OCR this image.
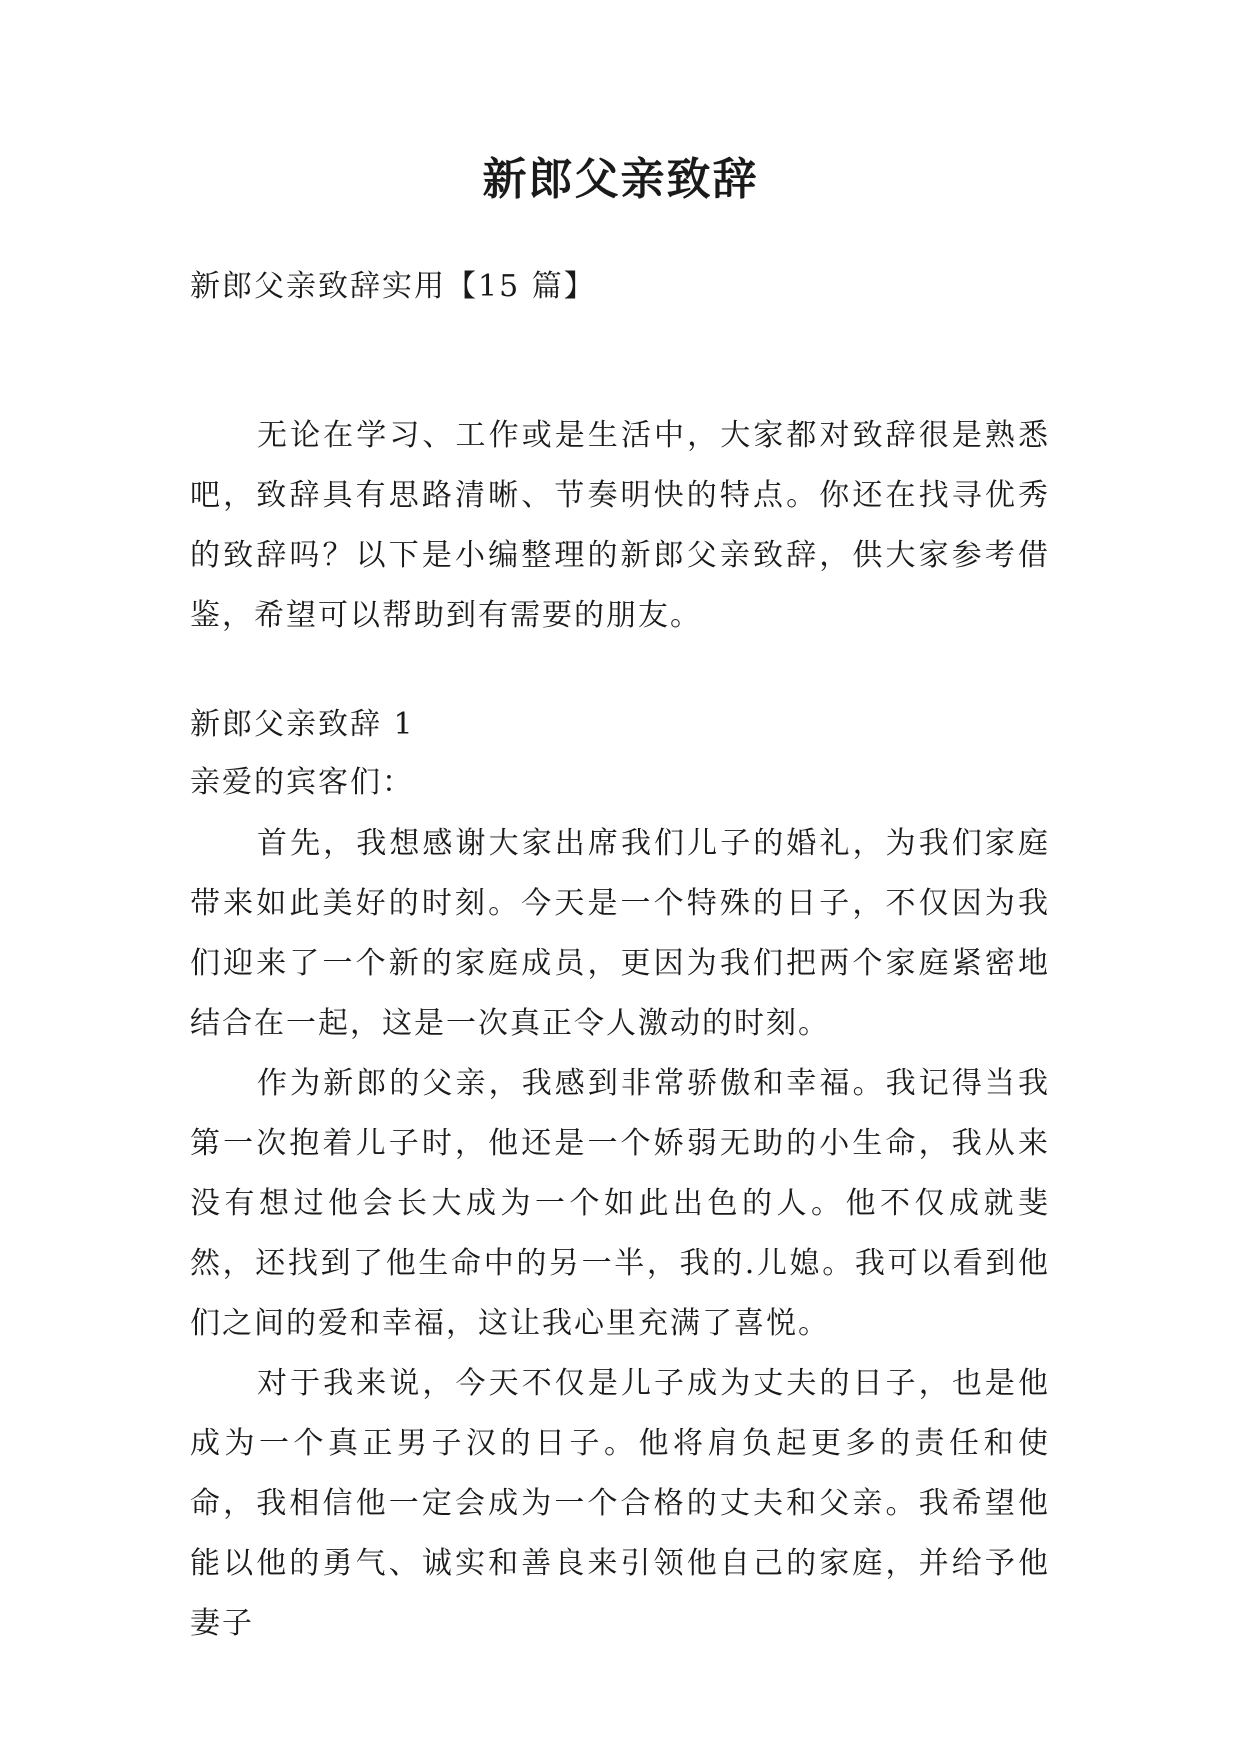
新郎父亲致辞
新郎父亲致辞实用【15 篇】
无论在学习、工作或是生活中，大家都对致辞很是熟悉吧，致辞具有思路清晰、节奏明快的特点。你还在找寻优秀的致辞吗？以下是小编整理的新郎父亲致辞，供大家参考借鉴，希望可以帮助到有需要的朋友。
新郎父亲致辞 1
亲爱的宾客们：

首先，我想感谢大家出席我们儿子的婚礼，为我们家庭带来如此美好的时刻。今天是一个特殊的日子，不仅因为我们迎来了一个新的家庭成员，更因为我们把两个家庭紧密地结合在一起，这是一次真正令人激动的时刻。

作为新郎的父亲，我感到非常骄傲和幸福。我记得当我第一次抱着儿子时，他还是一个娇弱无助的小生命，我从来没有想过他会长大成为一个如此出色的人。他不仅成就斐然，还找到了他生命中的另一半，我的.儿媳。我可以看到他们之间的爱和幸福，这让我心里充满了喜悦。

对于我来说，今天不仅是儿子成为丈夫的日子，也是他成为一个真正男子汉的日子。他将肩负起更多的责任和使命，我相信他一定会成为一个合格的丈夫和父亲。我希望他能以他的勇气、诚实和善良来引领他自己的家庭，并给予他妻子
